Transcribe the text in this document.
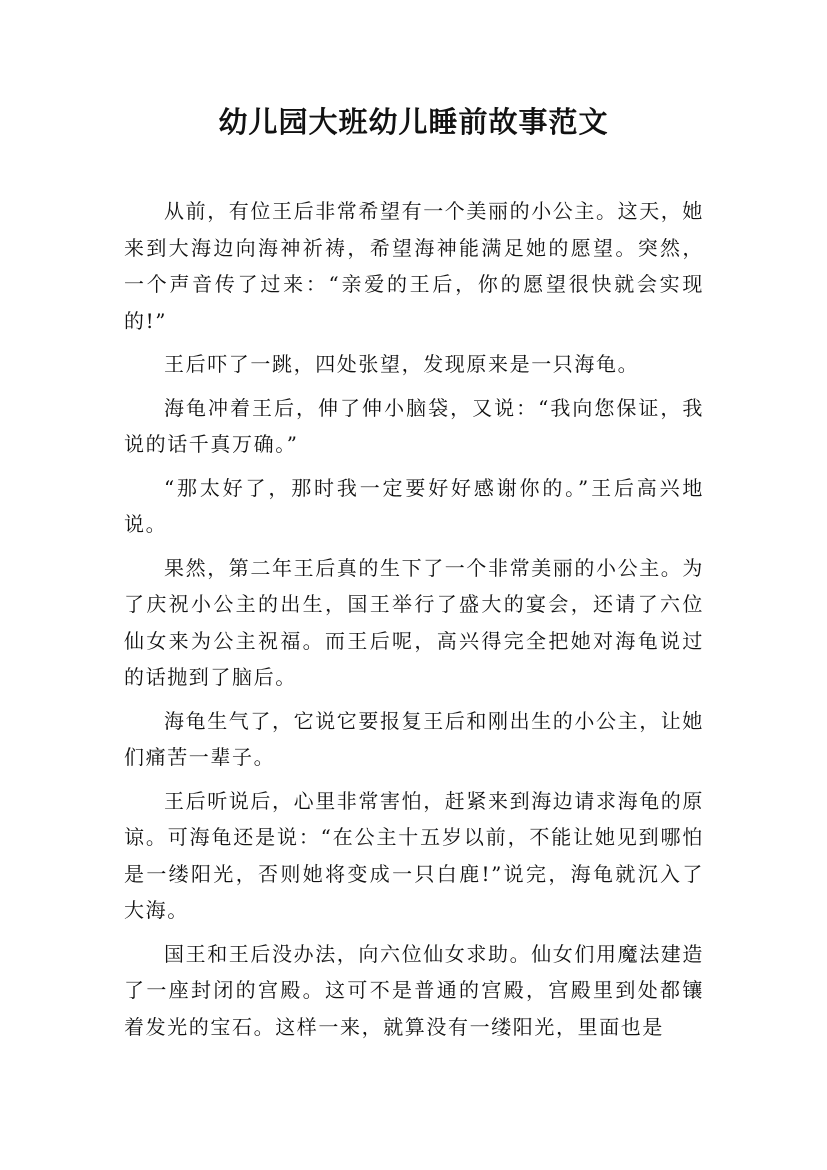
幼儿园大班幼儿睡前故事范文

从前，有位王后非常希望有一个美丽的小公主。这天，她来到大海边向海神祈祷，希望海神能满足她的愿望。突然，一个声音传了过来：“亲爱的王后，你的愿望很快就会实现的!”

王后吓了一跳，四处张望，发现原来是一只海龟。

海龟冲着王后，伸了伸小脑袋，又说：“我向您保证，我说的话千真万确。”

“那太好了，那时我一定要好好感谢你的。”王后高兴地说。

果然，第二年王后真的生下了一个非常美丽的小公主。为了庆祝小公主的出生，国王举行了盛大的宴会，还请了六位仙女来为公主祝福。而王后呢，高兴得完全把她对海龟说过的话抛到了脑后。

海龟生气了，它说它要报复王后和刚出生的小公主，让她们痛苦一辈子。

王后听说后，心里非常害怕，赶紧来到海边请求海龟的原谅。可海龟还是说：“在公主十五岁以前，不能让她见到哪怕是一缕阳光，否则她将变成一只白鹿!”说完，海龟就沉入了大海。

国王和王后没办法，向六位仙女求助。仙女们用魔法建造了一座封闭的宫殿。这可不是普通的宫殿，宫殿里到处都镶着发光的宝石。这样一来，就算没有一缕阳光，里面也是
